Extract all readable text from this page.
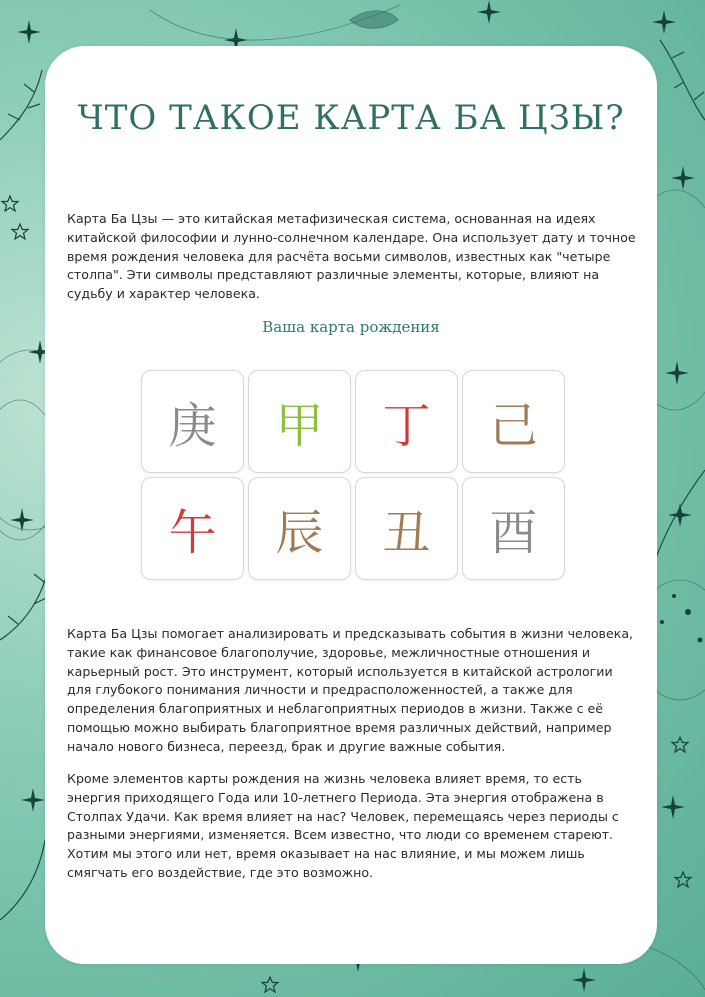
ЧТО ТАКОЕ КАРТА БА ЦЗЫ?

Карта Ба Цзы — это китайская метафизическая система, основанная на идеях китайской философии и лунно-солнечном календаре. Она использует дату и точное время рождения человека для расчёта восьми символов, известных как "четыре столпа". Эти символы представляют различные элементы, которые, влияют на судьбу и характер человека.

Ваша карта рождения
庚	甲	丁	己
午	辰	丑	酉

Карта Ба Цзы помогает анализировать и предсказывать события в жизни человека, такие как финансовое благополучие, здоровье, межличностные отношения и карьерный рост. Это инструмент, который используется в китайской астрологии для глубокого понимания личности и предрасположенностей, а также для определения благоприятных и неблагоприятных периодов в жизни. Также с её помощью можно выбирать благоприятное время различных действий, например начало нового бизнеса, переезд, брак и другие важные события.

Кроме элементов карты рождения на жизнь человека влияет время, то есть энергия приходящего Года или 10-летнего Периода. Эта энергия отображена в Столпах Удачи. Как время влияет на нас? Человек, перемещаясь через периоды с разными энергиями, изменяется. Всем известно, что люди со временем стареют. Хотим мы этого или нет, время оказывает на нас влияние, и мы можем лишь смягчать его воздействие, где это возможно.
